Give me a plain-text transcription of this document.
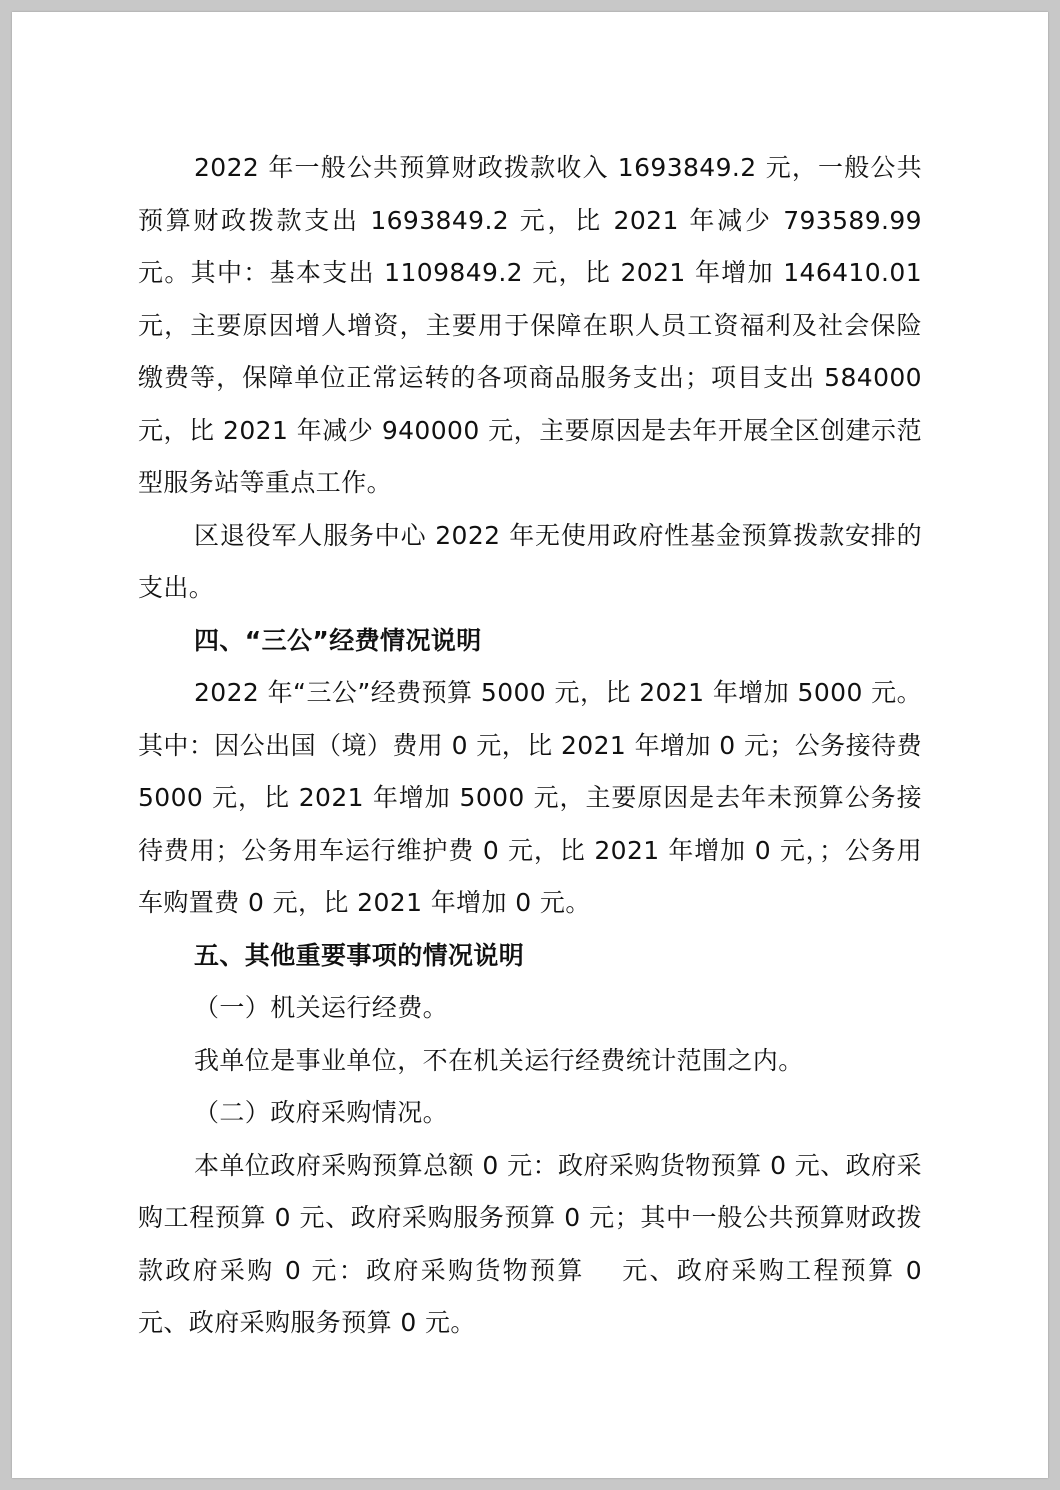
2022 年一般公共预算财政拨款收入 1693849.2 元，一般公共预算财政拨款支出 1693849.2 元，比 2021 年减少 793589.99 元。其中：基本支出 1109849.2 元，比 2021 年增加 146410.01 元，主要原因增人增资，主要用于保障在职人员工资福利及社会保险缴费等，保障单位正常运转的各项商品服务支出；项目支出 584000 元，比 2021 年减少 940000 元，主要原因是去年开展全区创建示范型服务站等重点工作。

区退役军人服务中心 2022 年无使用政府性基金预算拨款安排的支出。

四、“三公”经费情况说明

2022 年“三公”经费预算 5000 元，比 2021 年增加 5000 元。其中：因公出国（境）费用 0 元，比 2021 年增加 0 元；公务接待费 5000 元，比 2021 年增加 5000 元，主要原因是去年未预算公务接待费用；公务用车运行维护费 0 元，比 2021 年增加 0 元，；公务用车购置费 0 元，比 2021 年增加 0 元。

五、其他重要事项的情况说明

（一）机关运行经费。

我单位是事业单位，不在机关运行经费统计范围之内。

（二）政府采购情况。

本单位政府采购预算总额 0 元：政府采购货物预算 0 元、政府采购工程预算 0 元、政府采购服务预算 0 元；其中一般公共预算财政拨款政府采购 0 元：政府采购货物预算　 元、政府采购工程预算 0 元、政府采购服务预算 0 元。
